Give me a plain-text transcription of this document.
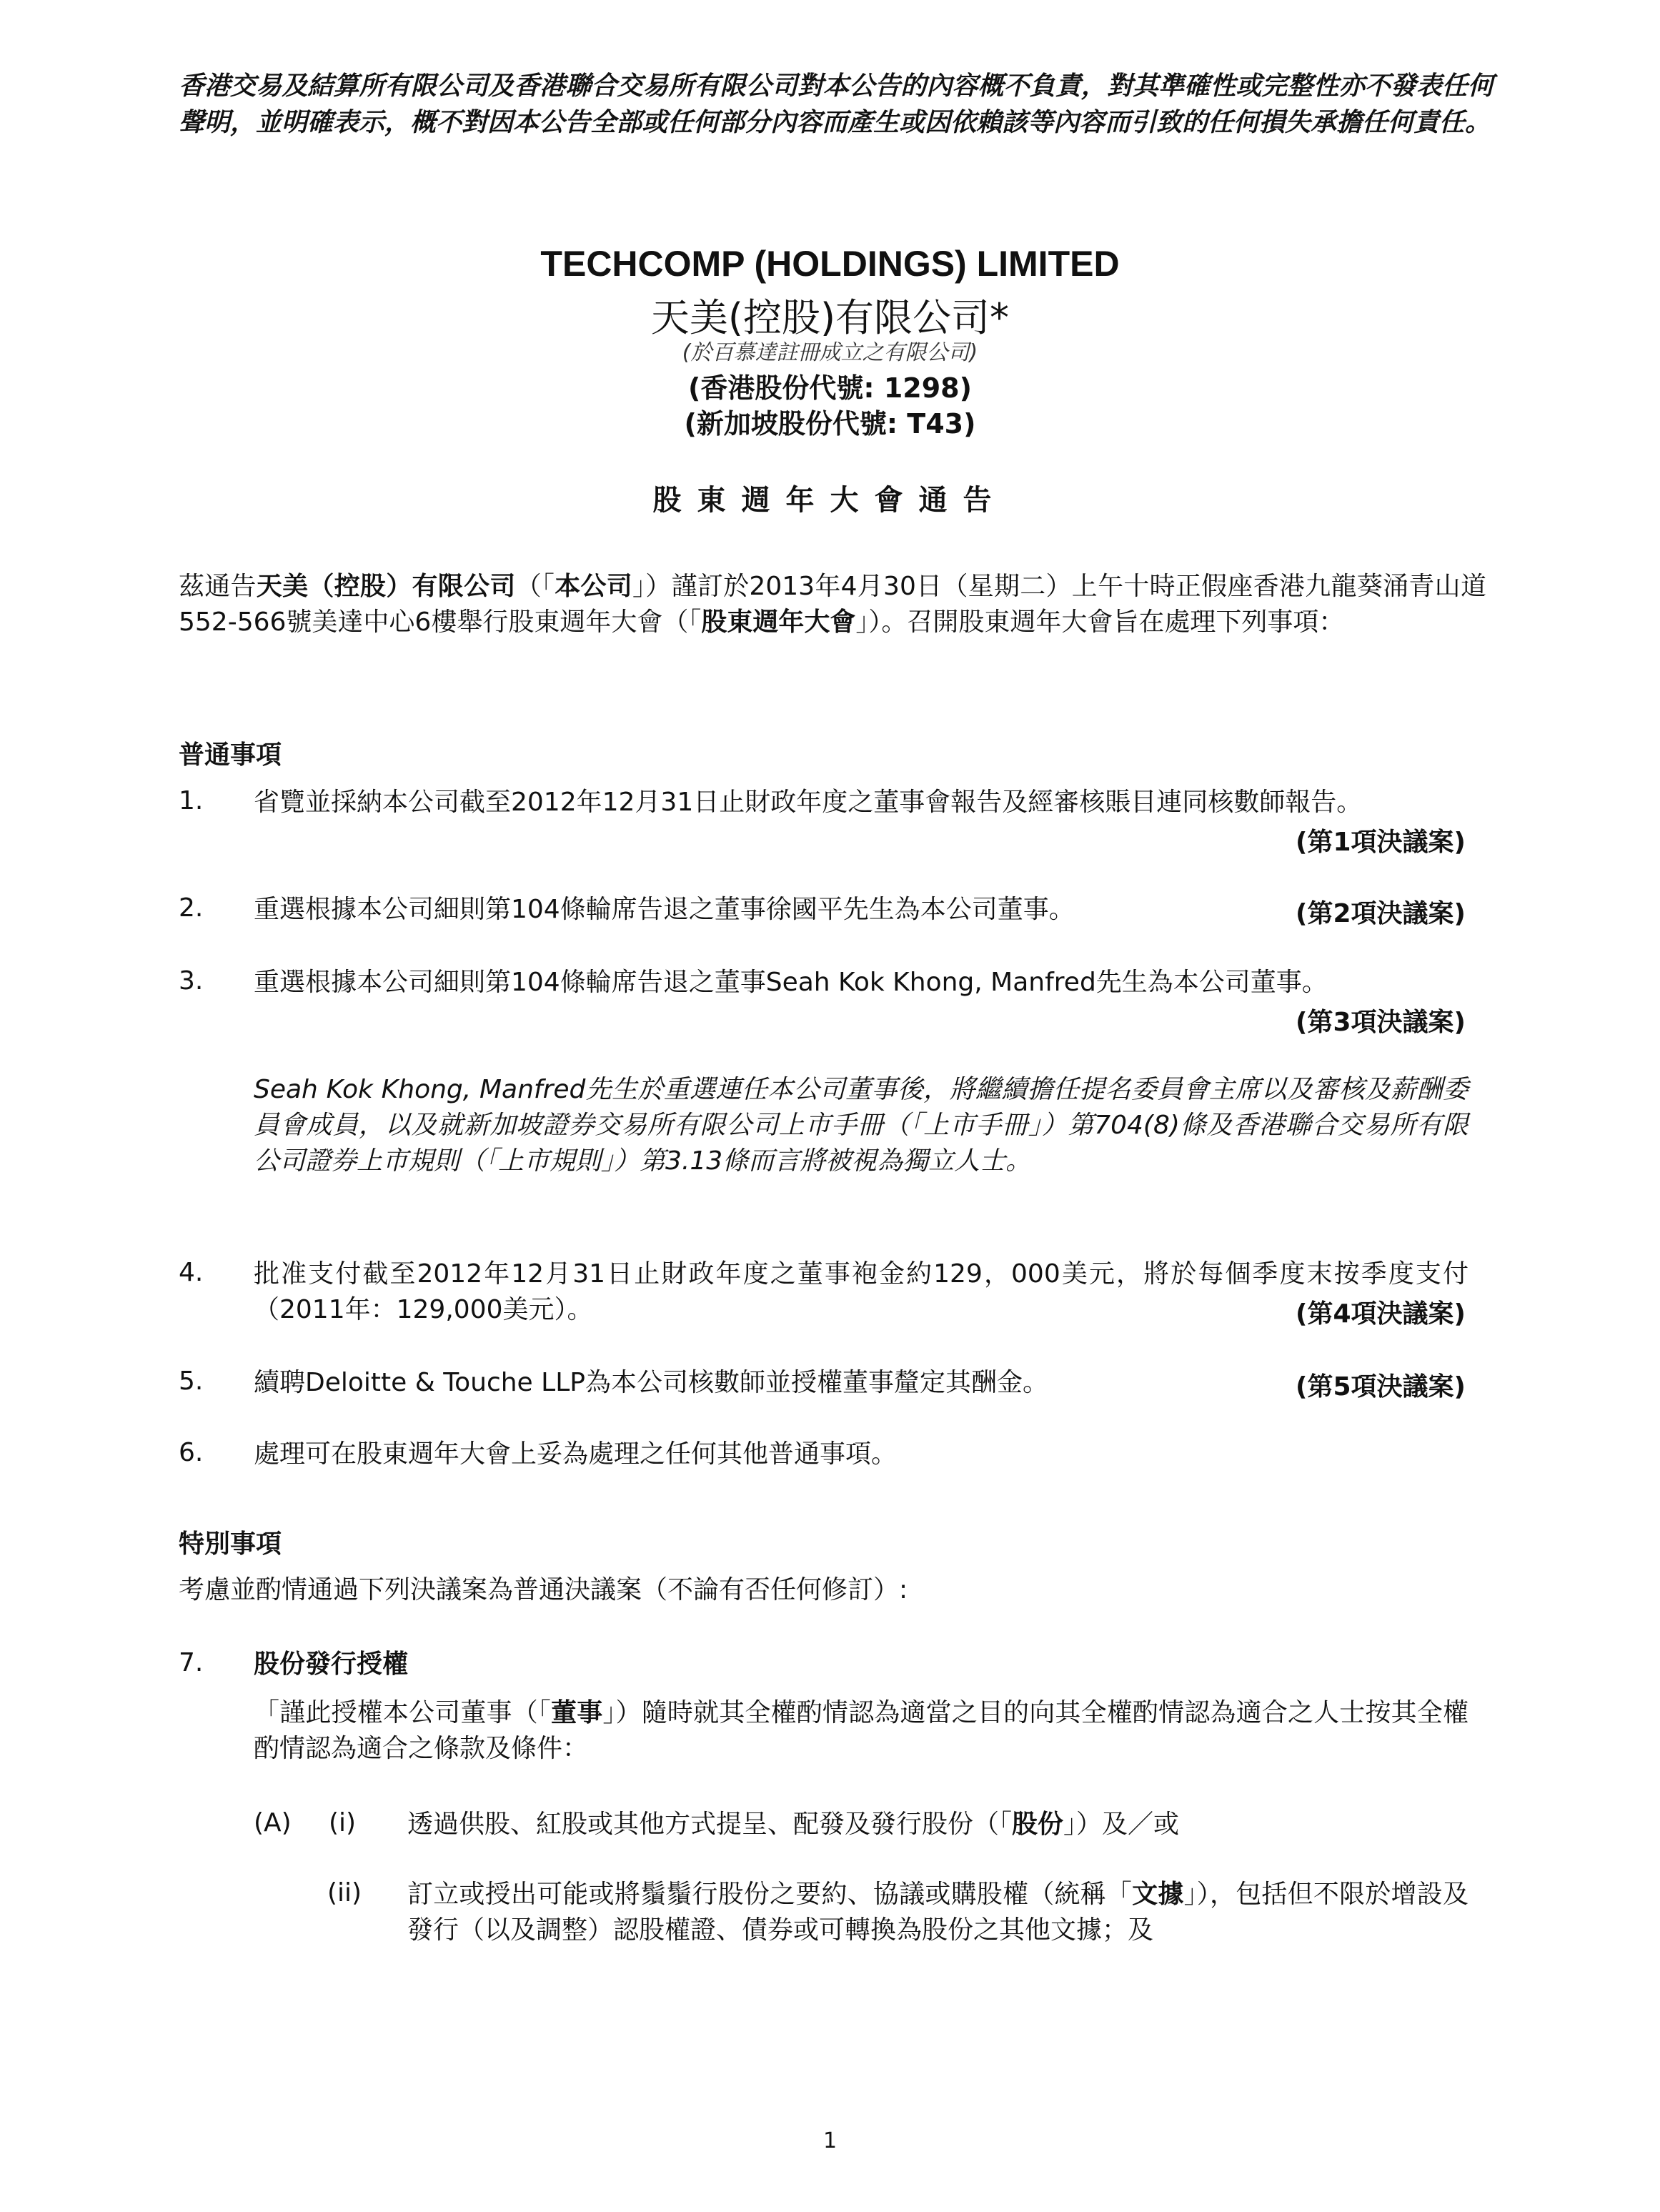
香港交易及結算所有限公司及香港聯合交易所有限公司對本公告的內容概不負責，對其準確性或完整性亦不發表任何聲明，並明確表示，概不對因本公告全部或任何部分內容而產生或因依賴該等內容而引致的任何損失承擔任何責任。
TECHCOMP (HOLDINGS) LIMITED
天美(控股)有限公司*
(於百慕達註冊成立之有限公司)
(香港股份代號: 1298)
(新加坡股份代號: T43)
股東週年大會通告
茲通告天美（控股）有限公司（「本公司」）謹訂於2013年4月30日（星期二）上午十時正假座香港九龍葵涌青山道552-566號美達中心6樓舉行股東週年大會（「股東週年大會」）。召開股東週年大會旨在處理下列事項：
普通事項
1. 省覽並採納本公司截至2012年12月31日止財政年度之董事會報告及經審核賬目連同核數師報告。
(第1項決議案)
2. 重選根據本公司細則第104條輪席告退之董事徐國平先生為本公司董事。	(第2項決議案)
3. 重選根據本公司細則第104條輪席告退之董事Seah Kok Khong, Manfred先生為本公司董事。
(第3項決議案)
Seah Kok Khong, Manfred先生於重選連任本公司董事後，將繼續擔任提名委員會主席以及審核及薪酬委員會成員，以及就新加坡證券交易所有限公司上市手冊（「上市手冊」）第704(8)條及香港聯合交易所有限公司證券上市規則（「上市規則」）第3.13條而言將被視為獨立人士。
4. 批准支付截至2012年12月31日止財政年度之董事袍金約129，000美元，將於每個季度末按季度支付（2011年：129,000美元）。	(第4項決議案)
5. 續聘Deloitte & Touche LLP為本公司核數師並授權董事釐定其酬金。	(第5項決議案)
6. 處理可在股東週年大會上妥為處理之任何其他普通事項。
特別事項
考慮並酌情通過下列決議案為普通決議案（不論有否任何修訂）:
7. 股份發行授權
「謹此授權本公司董事（「董事」）隨時就其全權酌情認為適當之目的向其全權酌情認為適合之人士按其全權酌情認為適合之條款及條件：
(A) (i) 透過供股、紅股或其他方式提呈、配發及發行股份（「股份」）及／或
(ii) 訂立或授出可能或將鬚鬚行股份之要約、協議或購股權（統稱「文據」），包括但不限於增設及發行（以及調整）認股權證、債券或可轉換為股份之其他文據；及
1
